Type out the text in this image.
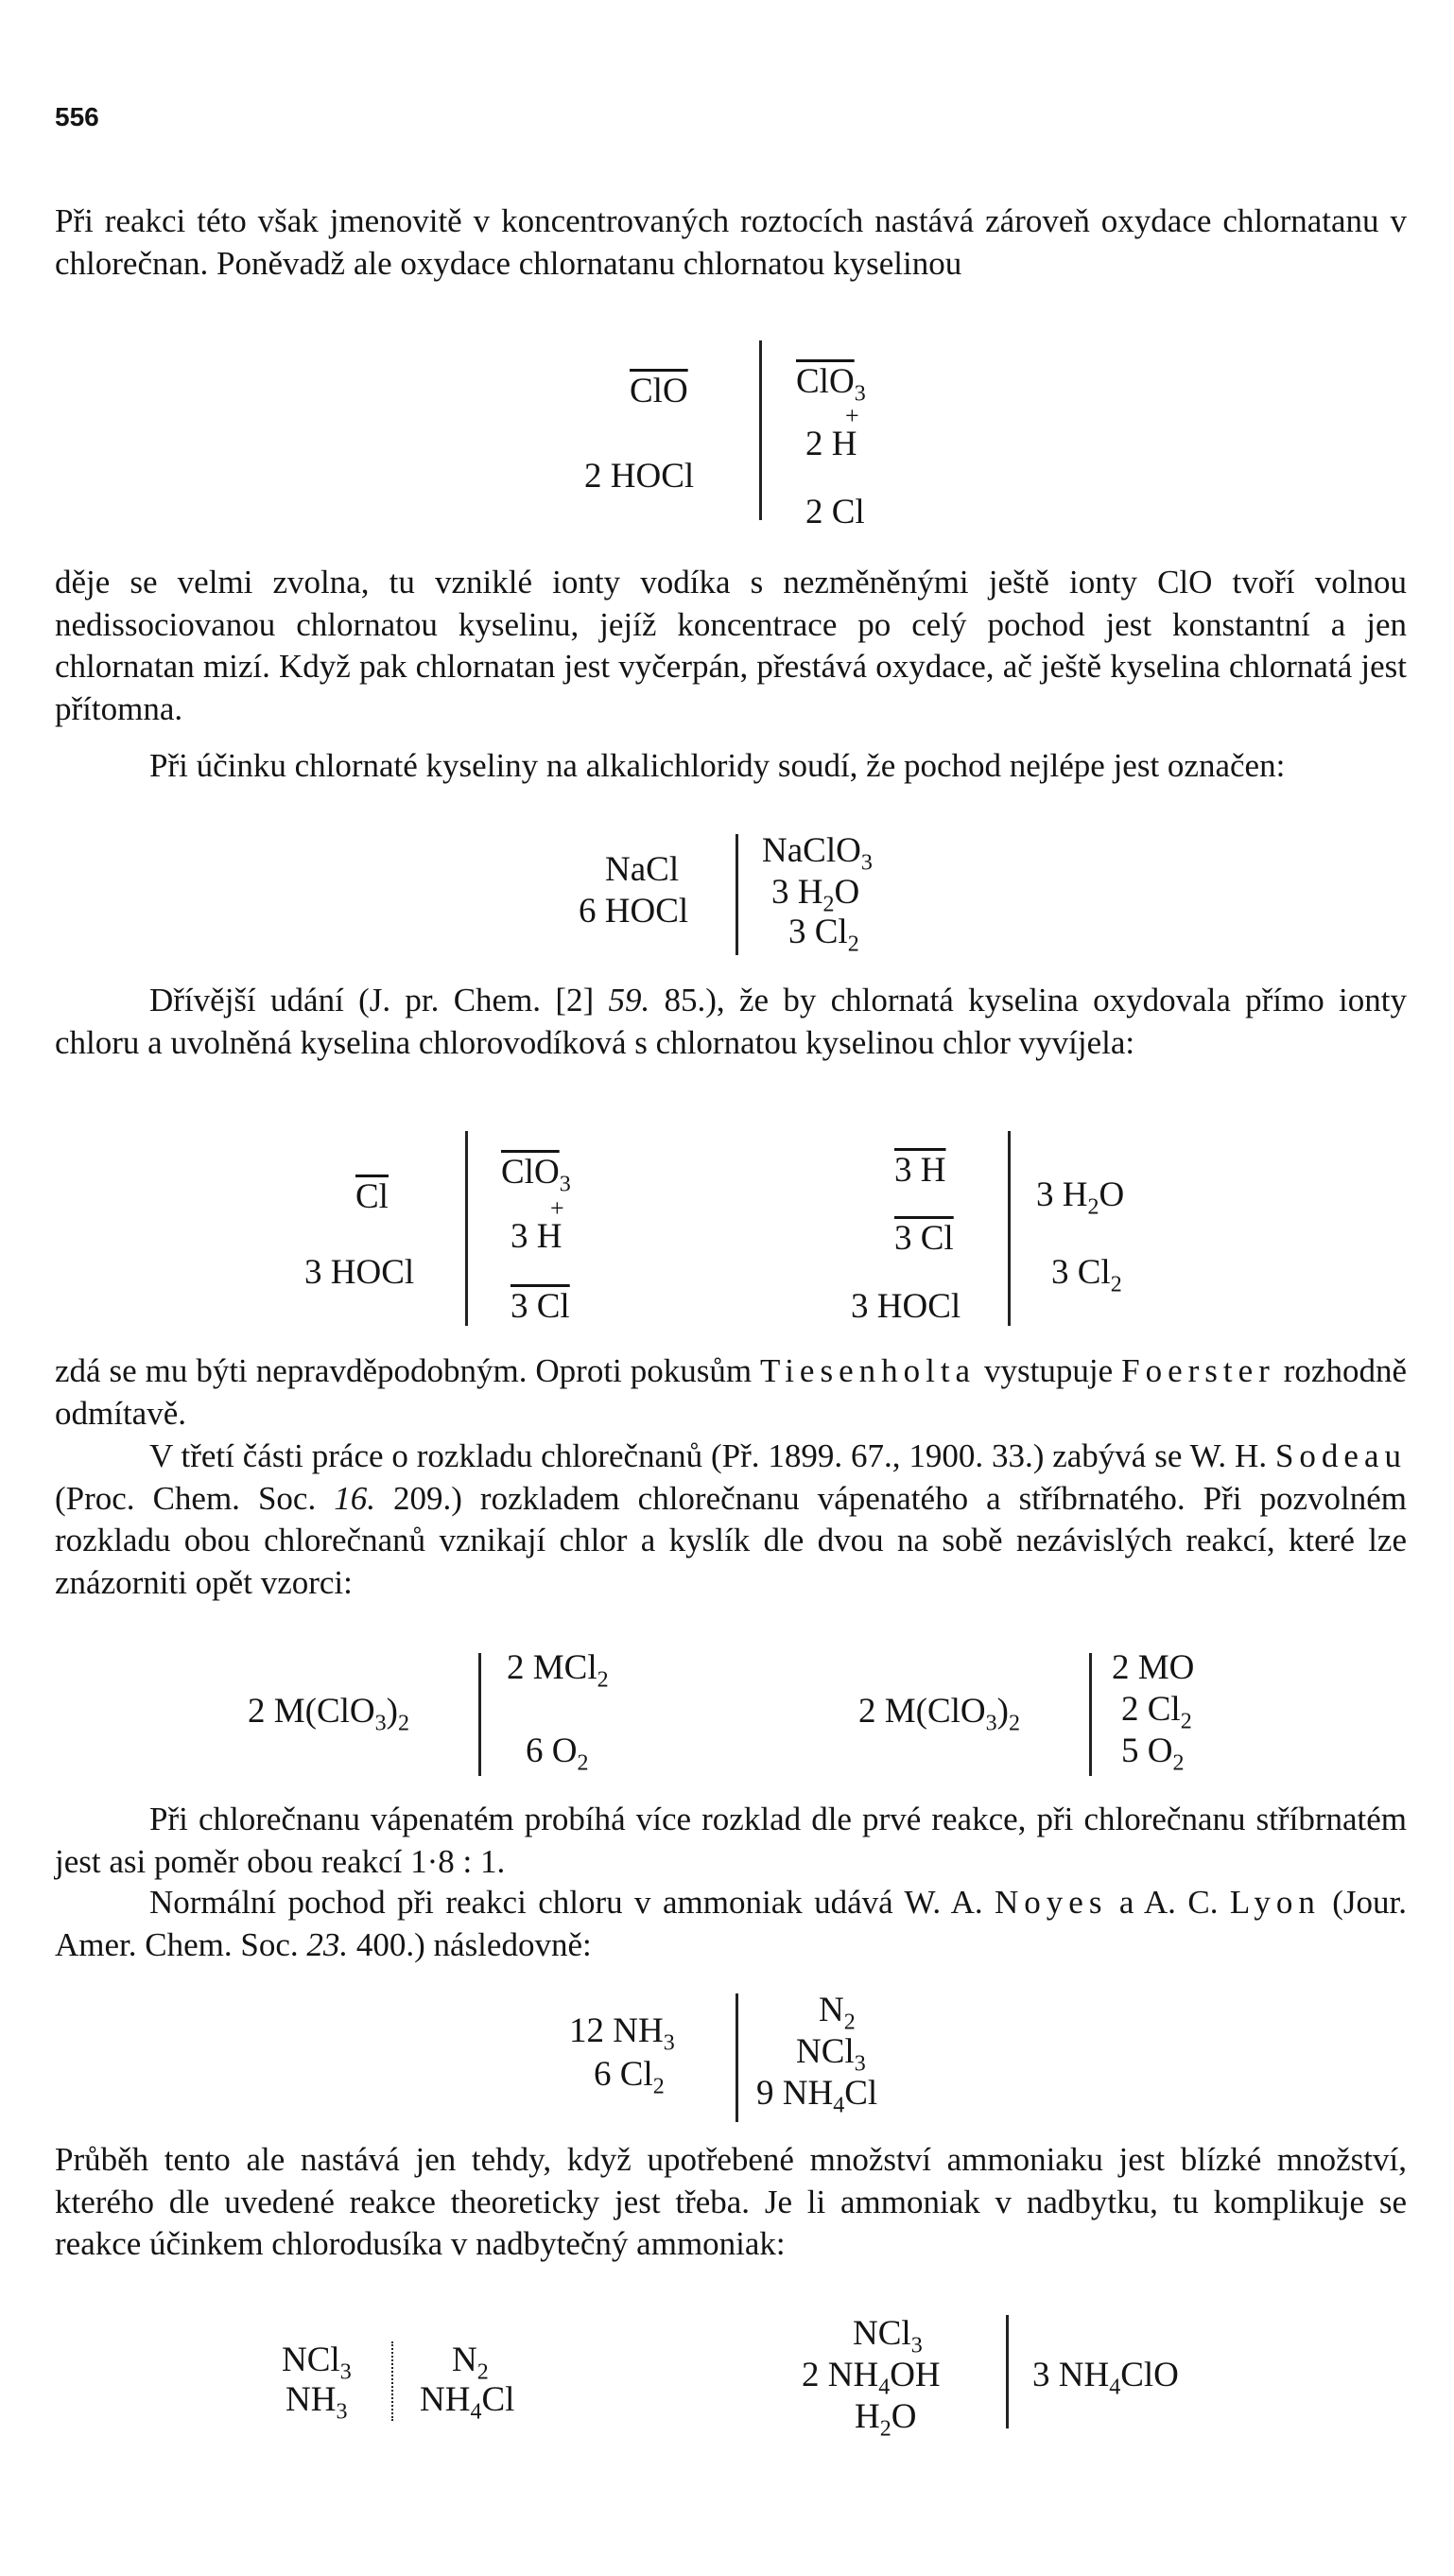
556

Při reakci této však jmenovitě v koncentrovaných roztocích nastává zároveň oxydace chlornatanu v chlorečnan. Poněvadž ale oxydace chlornatanu chlornatou kyselinou

$\overline{ClO}$
2 HOCl
$\overline{ClO}_3$
+
2 H
2 Cl

děje se velmi zvolna, tu vzniklé ionty vodíka s nezměněnými ještě ionty ClO tvoří volnou nedissociovanou chlornatou kyselinu, jejíž koncentrace po celý pochod jest konstantní a jen chlornatan mizí. Když pak chlornatan jest vyčerpán, přestává oxydace, ač ještě kyselina chlornatá jest přítomna.

Při účinku chlornaté kyseliny na alkalichloridy soudí, že pochod nejlépe jest označen:

NaCl
6 HOCl
NaClO$_3$
3 $H_2O$
3 $Cl_2$

Dřívější udání (J. pr. Chem. [2] 59. 85.), že by chlornatá kyselina oxydovala přímo ionty chloru a uvolněná kyselina chlorovodíková s chlornatou kyselinou chlor vyvíjela:

$\overline{Cl}$
3 HOCl
$\overline{ClO}_3$
+
3 H
3 Cl
3 H
3 Cl
3 HOCl
3 $H_2O$
3 $Cl_2$

zdá se mu býti nepravděpodobným. Oproti pokusům Tiesenholta vystupuje Foerster rozhodně odmítavě.

V třetí části práce o rozkladu chlorečnanů (Př. 1899. 67., 1900. 33.) zabývá se W. H. Sodeau (Proc. Chem. Soc. 16. 209.) rozkladem chlorečnanu vápenatého a stříbrnatého. Při pozvolném rozkladu obou chlorečnanů vznikají chlor a kyslík dle dvou na sobě nezávislých reakcí, které lze znázorniti opět vzorci:

2 $M(ClO_3)_2$
2 MCl$_2$
6 $O_2$
2 $M(ClO_3)_2$
2 MO
2 $Cl_2$
5 $O_2$

Při chlorečnanu vápenatém probíhá více rozklad dle prvé reakce, při chlorečnanu stříbrnatém jest asi poměr obou reakcí 1·8 : 1.

Normální pochod při reakci chloru v ammoniak udává W. A. Noyes a A. C. Lyon (Jour. Amer. Chem. Soc. 23. 400.) následovně:

12 $NH_3$
6 $Cl_2$
$N_2$
NCl$_3$
9 $NH_4Cl$

Průběh tento ale nastává jen tehdy, když upotřebené množství ammoniaku jest blízké množství, kterého dle uvedené reakce theoreticky jest třeba. Je li ammoniak v nadbytku, tu komplikuje se reakce účinkem chlorodusíka v nadbytečný ammoniak:

NCl$_3$
$NH_3$
$N_2$
$NH_4Cl$
NCl$_3$
2 $NH_4OH$
$H_2O$
3 $NH_4ClO$
